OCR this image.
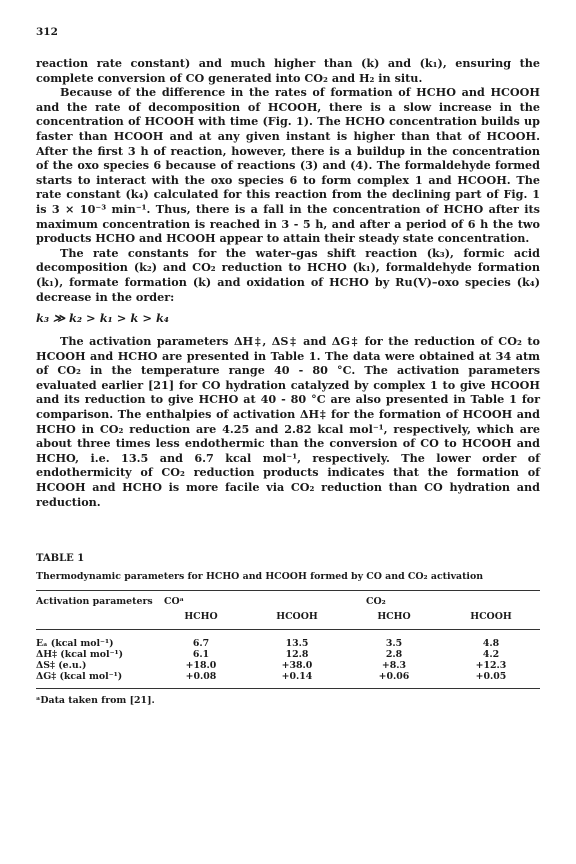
312

reaction rate constant) and much higher than (k) and (k₁), ensuring the complete conversion of CO generated into CO₂ and H₂ in situ.

Because of the difference in the rates of formation of HCHO and HCOOH and the rate of decomposition of HCOOH, there is a slow increase in the concentration of HCOOH with time (Fig. 1). The HCHO concentration builds up faster than HCOOH and at any given instant is higher than that of HCOOH. After the first 3 h of reaction, however, there is a buildup in the concentration of the oxo species 6 because of reactions (3) and (4). The formaldehyde formed starts to interact with the oxo species 6 to form complex 1 and HCOOH. The rate constant (k₄) calculated for this reaction from the declining part of Fig. 1 is 3 × 10⁻³ min⁻¹. Thus, there is a fall in the concentration of HCHO after its maximum concentration is reached in 3 - 5 h, and after a period of 6 h the two products HCHO and HCOOH appear to attain their steady state concentration.

The rate constants for the water–gas shift reaction (k₃), formic acid decomposition (k₂) and CO₂ reduction to HCHO (k₁), formaldehyde formation (k₁), formate formation (k) and oxidation of HCHO by Ru(V)–oxo species (k₄) decrease in the order:

k₃ ≫ k₂ > k₁ > k > k₄

The activation parameters ΔH‡, ΔS‡ and ΔG‡ for the reduction of CO₂ to HCOOH and HCHO are presented in Table 1. The data were obtained at 34 atm of CO₂ in the temperature range 40 - 80 °C. The activation parameters evaluated earlier [21] for CO hydration catalyzed by complex 1 to give HCOOH and its reduction to give HCHO at 40 - 80 °C are also presented in Table 1 for comparison. The enthalpies of activation ΔH‡ for the formation of HCOOH and HCHO in CO₂ reduction are 4.25 and 2.82 kcal mol⁻¹, respectively, which are about three times less endothermic than the conversion of CO to HCOOH and HCHO, i.e. 13.5 and 6.7 kcal mol⁻¹, respectively. The lower order of endothermicity of CO₂ reduction products indicates that the formation of HCOOH and HCHO is more facile via CO₂ reduction than CO hydration and reduction.

TABLE 1
Thermodynamic parameters for HCHO and HCOOH formed by CO and CO₂ activation
Activation parameters	COᵃ		CO₂	
	HCHO	HCOOH	HCHO	HCOOH
Eₐ (kcal mol⁻¹)	6.7	13.5	3.5	4.8
ΔH‡ (kcal mol⁻¹)	6.1	12.8	2.8	4.2
ΔS‡ (e.u.)	+18.0	+38.0	+8.3	+12.3
ΔG‡ (kcal mol⁻¹)	+0.08	+0.14	+0.06	+0.05
ᵃData taken from [21].
